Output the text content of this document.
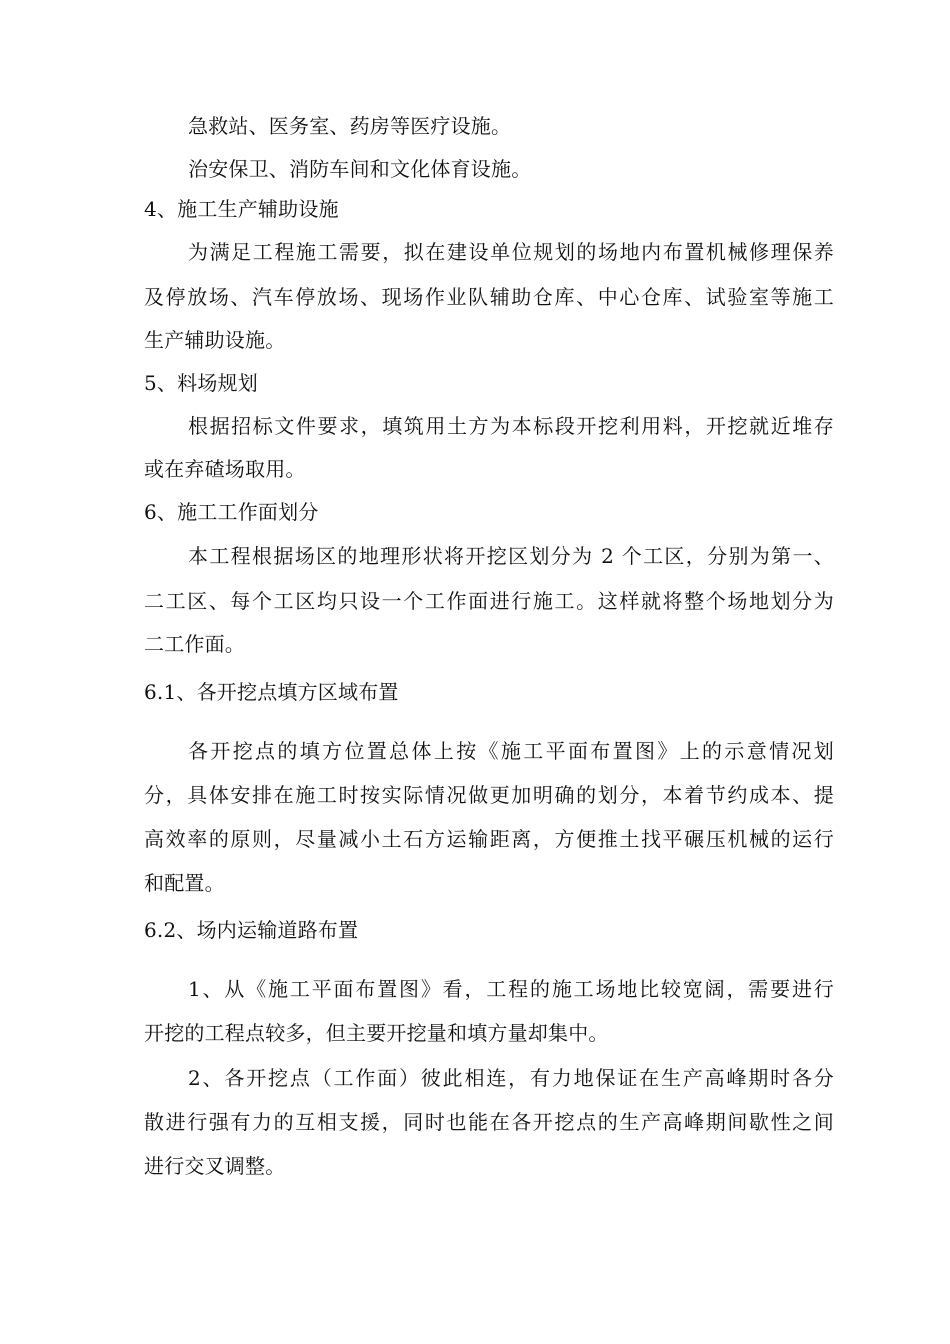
急救站、医务室、药房等医疗设施。
治安保卫、消防车间和文化体育设施。
4、施工生产辅助设施
为满足工程施工需要，拟在建设单位规划的场地内布置机械修理保养
及停放场、汽车停放场、现场作业队辅助仓库、中心仓库、试验室等施工
生产辅助设施。
5、料场规划
根据招标文件要求，填筑用土方为本标段开挖利用料，开挖就近堆存
或在弃碴场取用。
6、施工工作面划分
本工程根据场区的地理形状将开挖区划分为 2 个工区，分别为第一、
二工区、每个工区均只设一个工作面进行施工。这样就将整个场地划分为
二工作面。
6.1、各开挖点填方区域布置
各开挖点的填方位置总体上按《施工平面布置图》上的示意情况划
分，具体安排在施工时按实际情况做更加明确的划分，本着节约成本、提
高效率的原则，尽量减小土石方运输距离，方便推土找平碾压机械的运行
和配置。
6.2、场内运输道路布置
1、从《施工平面布置图》看，工程的施工场地比较宽阔，需要进行
开挖的工程点较多，但主要开挖量和填方量却集中。
2、各开挖点（工作面）彼此相连，有力地保证在生产高峰期时各分
散进行强有力的互相支援，同时也能在各开挖点的生产高峰期间歇性之间
进行交叉调整。
